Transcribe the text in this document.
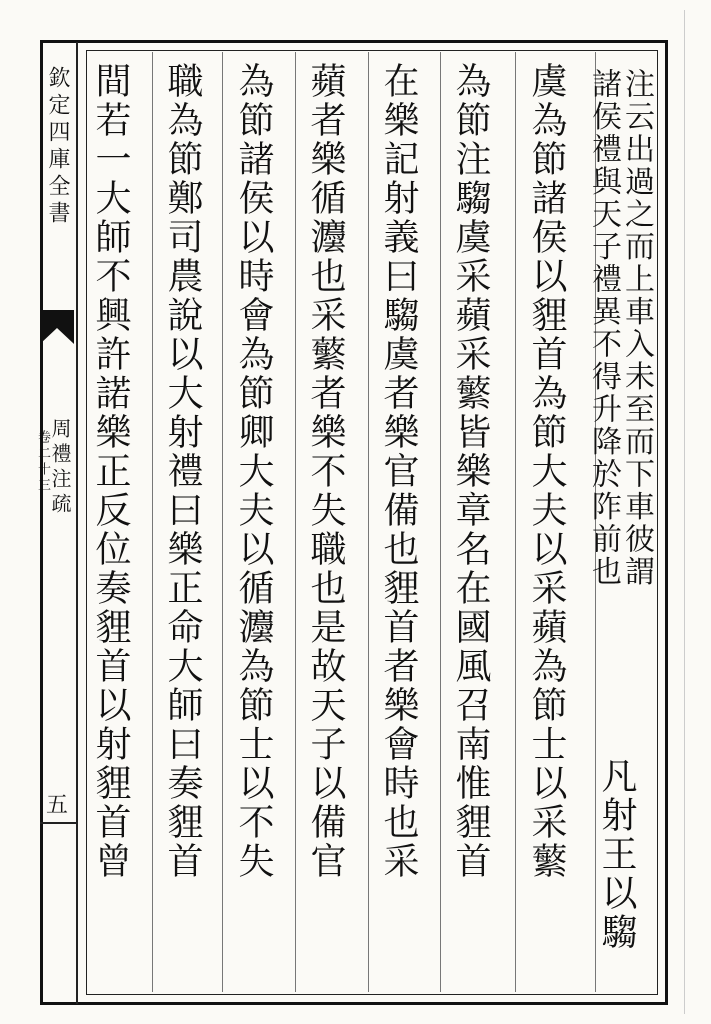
欽定四庫全書
周禮注疏
卷二十三
五
注云出過之而上車入未至而下車彼謂
諸侯禮與天子禮異不得升降於阼前也
凡射王以騶
虞為節諸侯以貍首為節大夫以采蘋為節士以采蘩
為節注騶虞采蘋采蘩皆樂章名在國風召南惟貍首
在樂記射義曰騶虞者樂官備也貍首者樂會時也采
蘋者樂循灋也采蘩者樂不失職也是故天子以備官
為節諸侯以時會為節卿大夫以循灋為節士以不失
職為節鄭司農說以大射禮曰樂正命大師曰奏貍首
間若一大師不興許諾樂正反位奏貍首以射貍首曾
